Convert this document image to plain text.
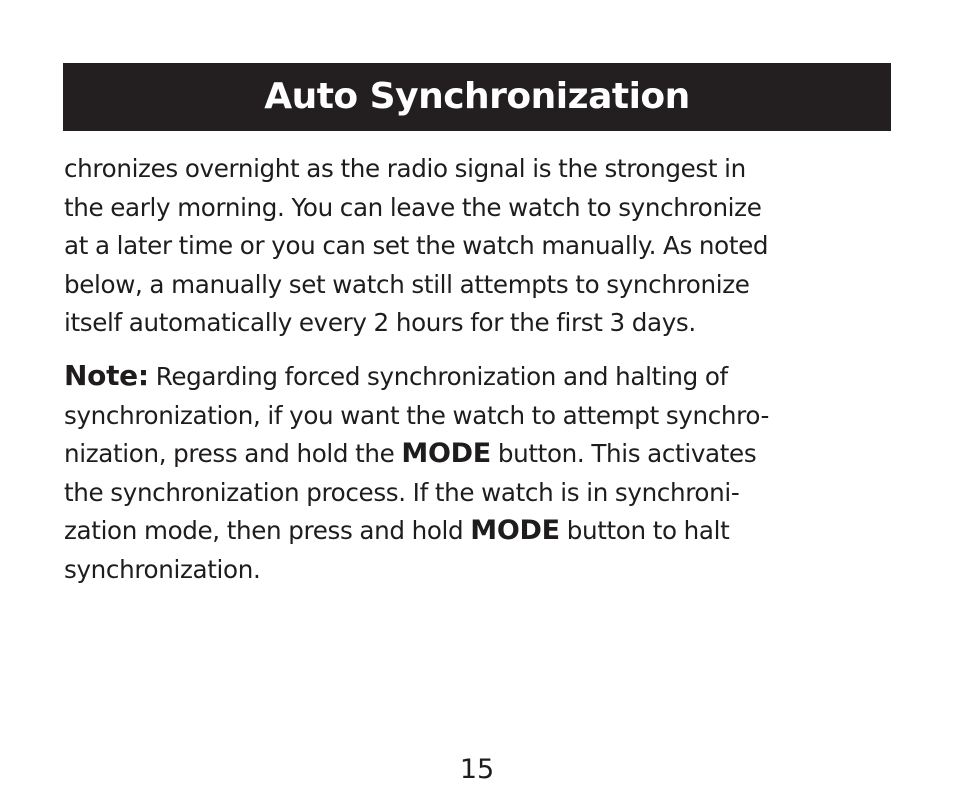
Auto Synchronization

chronizes overnight as the radio signal is the strongest in
the early morning. You can leave the watch to synchronize
at a later time or you can set the watch manually. As noted
below, a manually set watch still attempts to synchronize
itself automatically every 2 hours for the first 3 days.

Note: Regarding forced synchronization and halting of
synchronization, if you want the watch to attempt synchro-
nization, press and hold the MODE button. This activates
the synchronization process. If the watch is in synchroni-
zation mode, then press and hold MODE button to halt
synchronization.

15
